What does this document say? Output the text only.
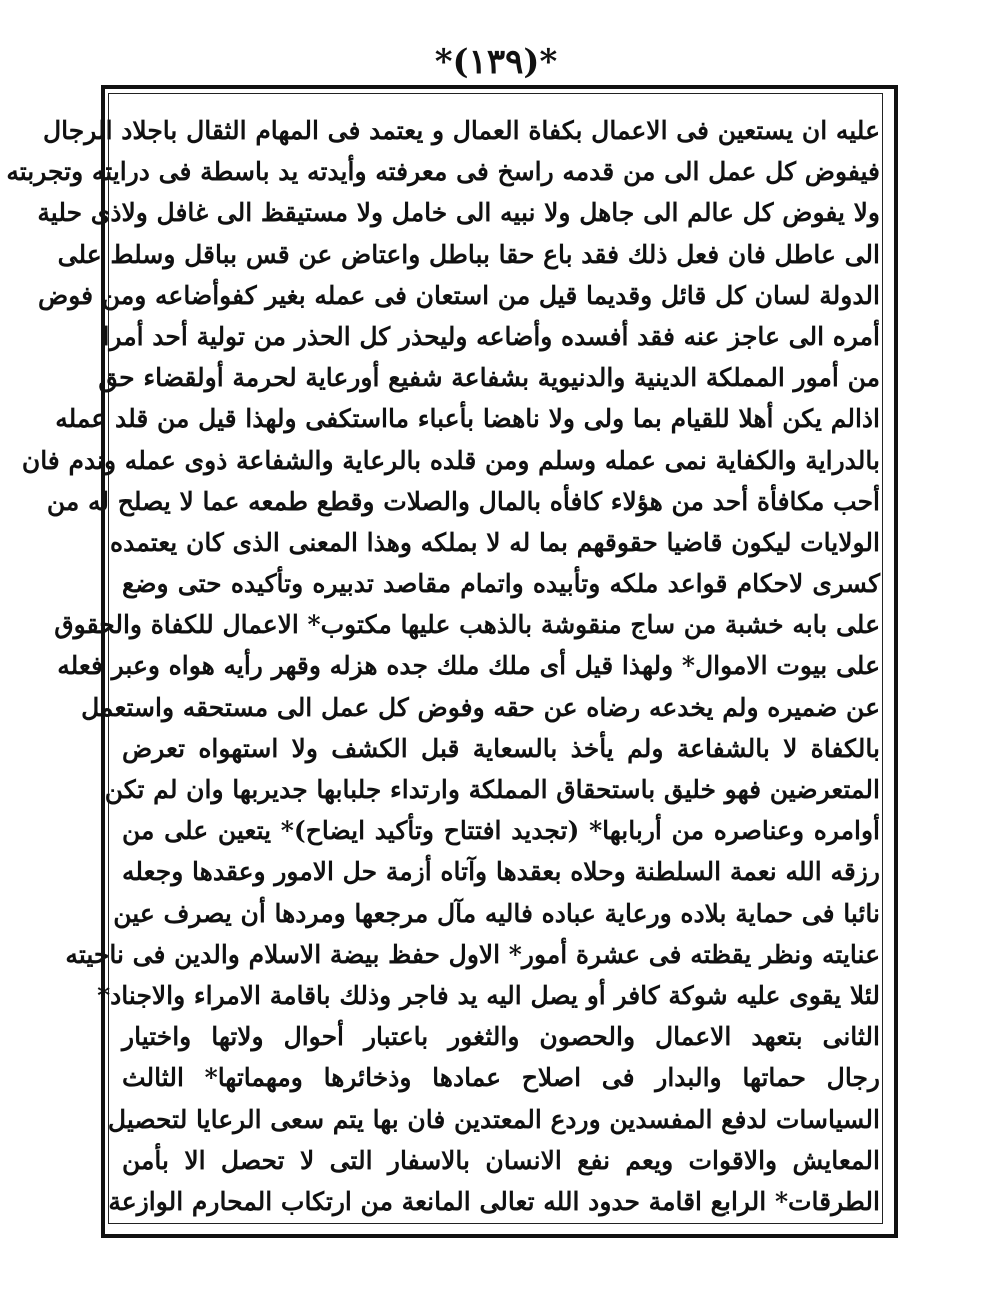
*(١٣٩)*
عليه ان يستعين فى الاعمال بكفاة العمال و يعتمد فى المهام الثقال باجلاد الرجال
فيفوض كل عمل الى من قدمه راسخ فى معرفته وأيدته يد باسطة فى درايته وتجربته
ولا يفوض كل عالم الى جاهل ولا نبيه الى خامل ولا مستيقظ الى غافل ولاذى حلية
الى عاطل فان فعل ذلك فقد باع حقا بباطل واعتاض عن قس بباقل وسلط على
الدولة لسان كل قائل وقديما قيل من استعان فى عمله بغير كفوأضاعه ومن فوض
أمره الى عاجز عنه فقد أفسده وأضاعه وليحذر كل الحذر من تولية أحد أمرا
من أمور المملكة الدينية والدنيوية بشفاعة شفيع أورعاية لحرمة أولقضاء حق
اذالم يكن أهلا للقيام بما ولى ولا ناهضا بأعباء مااستكفى ولهذا قيل من قلد عمله
بالدراية والكفاية نمى عمله وسلم ومن قلده بالرعاية والشفاعة ذوى عمله وندم فان
أحب مكافأة أحد من هؤلاء كافأه بالمال والصلات وقطع طمعه عما لا يصلح له من
الولايات ليكون قاضيا حقوقهم بما له لا بملكه وهذا المعنى الذى كان يعتمده
كسرى لاحكام قواعد ملكه وتأبيده واتمام مقاصد تدبيره وتأكيده حتى وضع
على بابه خشبة من ساج منقوشة بالذهب عليها مكتوب* الاعمال للكفاة والحقوق
على بيوت الاموال* ولهذا قيل أى ملك ملك جده هزله وقهر رأيه هواه وعبر فعله
عن ضميره ولم يخدعه رضاه عن حقه وفوض كل عمل الى مستحقه واستعمل
بالكفاة لا بالشفاعة ولم يأخذ بالسعاية قبل الكشف ولا استهواه تعرض
المتعرضين فهو خليق باستحقاق المملكة وارتداء جلبابها جديربها وان لم تكن
أوامره وعناصره من أربابها* (تجديد افتتاح وتأكيد ايضاح)* يتعين على من
رزقه الله نعمة السلطنة وحلاه بعقدها وآتاه أزمة حل الامور وعقدها وجعله
نائبا فى حماية بلاده ورعاية عباده فاليه مآل مرجعها ومردها أن يصرف عين
عنايته ونظر يقظته فى عشرة أمور* الاول حفظ بيضة الاسلام والدين فى ناحيته
لئلا يقوى عليه شوكة كافر أو يصل اليه يد فاجر وذلك باقامة الامراء والاجناد*
الثانى بتعهد الاعمال والحصون والثغور باعتبار أحوال ولاتها واختيار
رجال حماتها والبدار فى اصلاح عمادها وذخائرها ومهماتها* الثالث
السياسات لدفع المفسدين وردع المعتدين فان بها يتم سعى الرعايا لتحصيل
المعايش والاقوات ويعم نفع الانسان بالاسفار التى لا تحصل الا بأمن
الطرقات* الرابع اقامة حدود الله تعالى المانعة من ارتكاب المحارم الوازعة
